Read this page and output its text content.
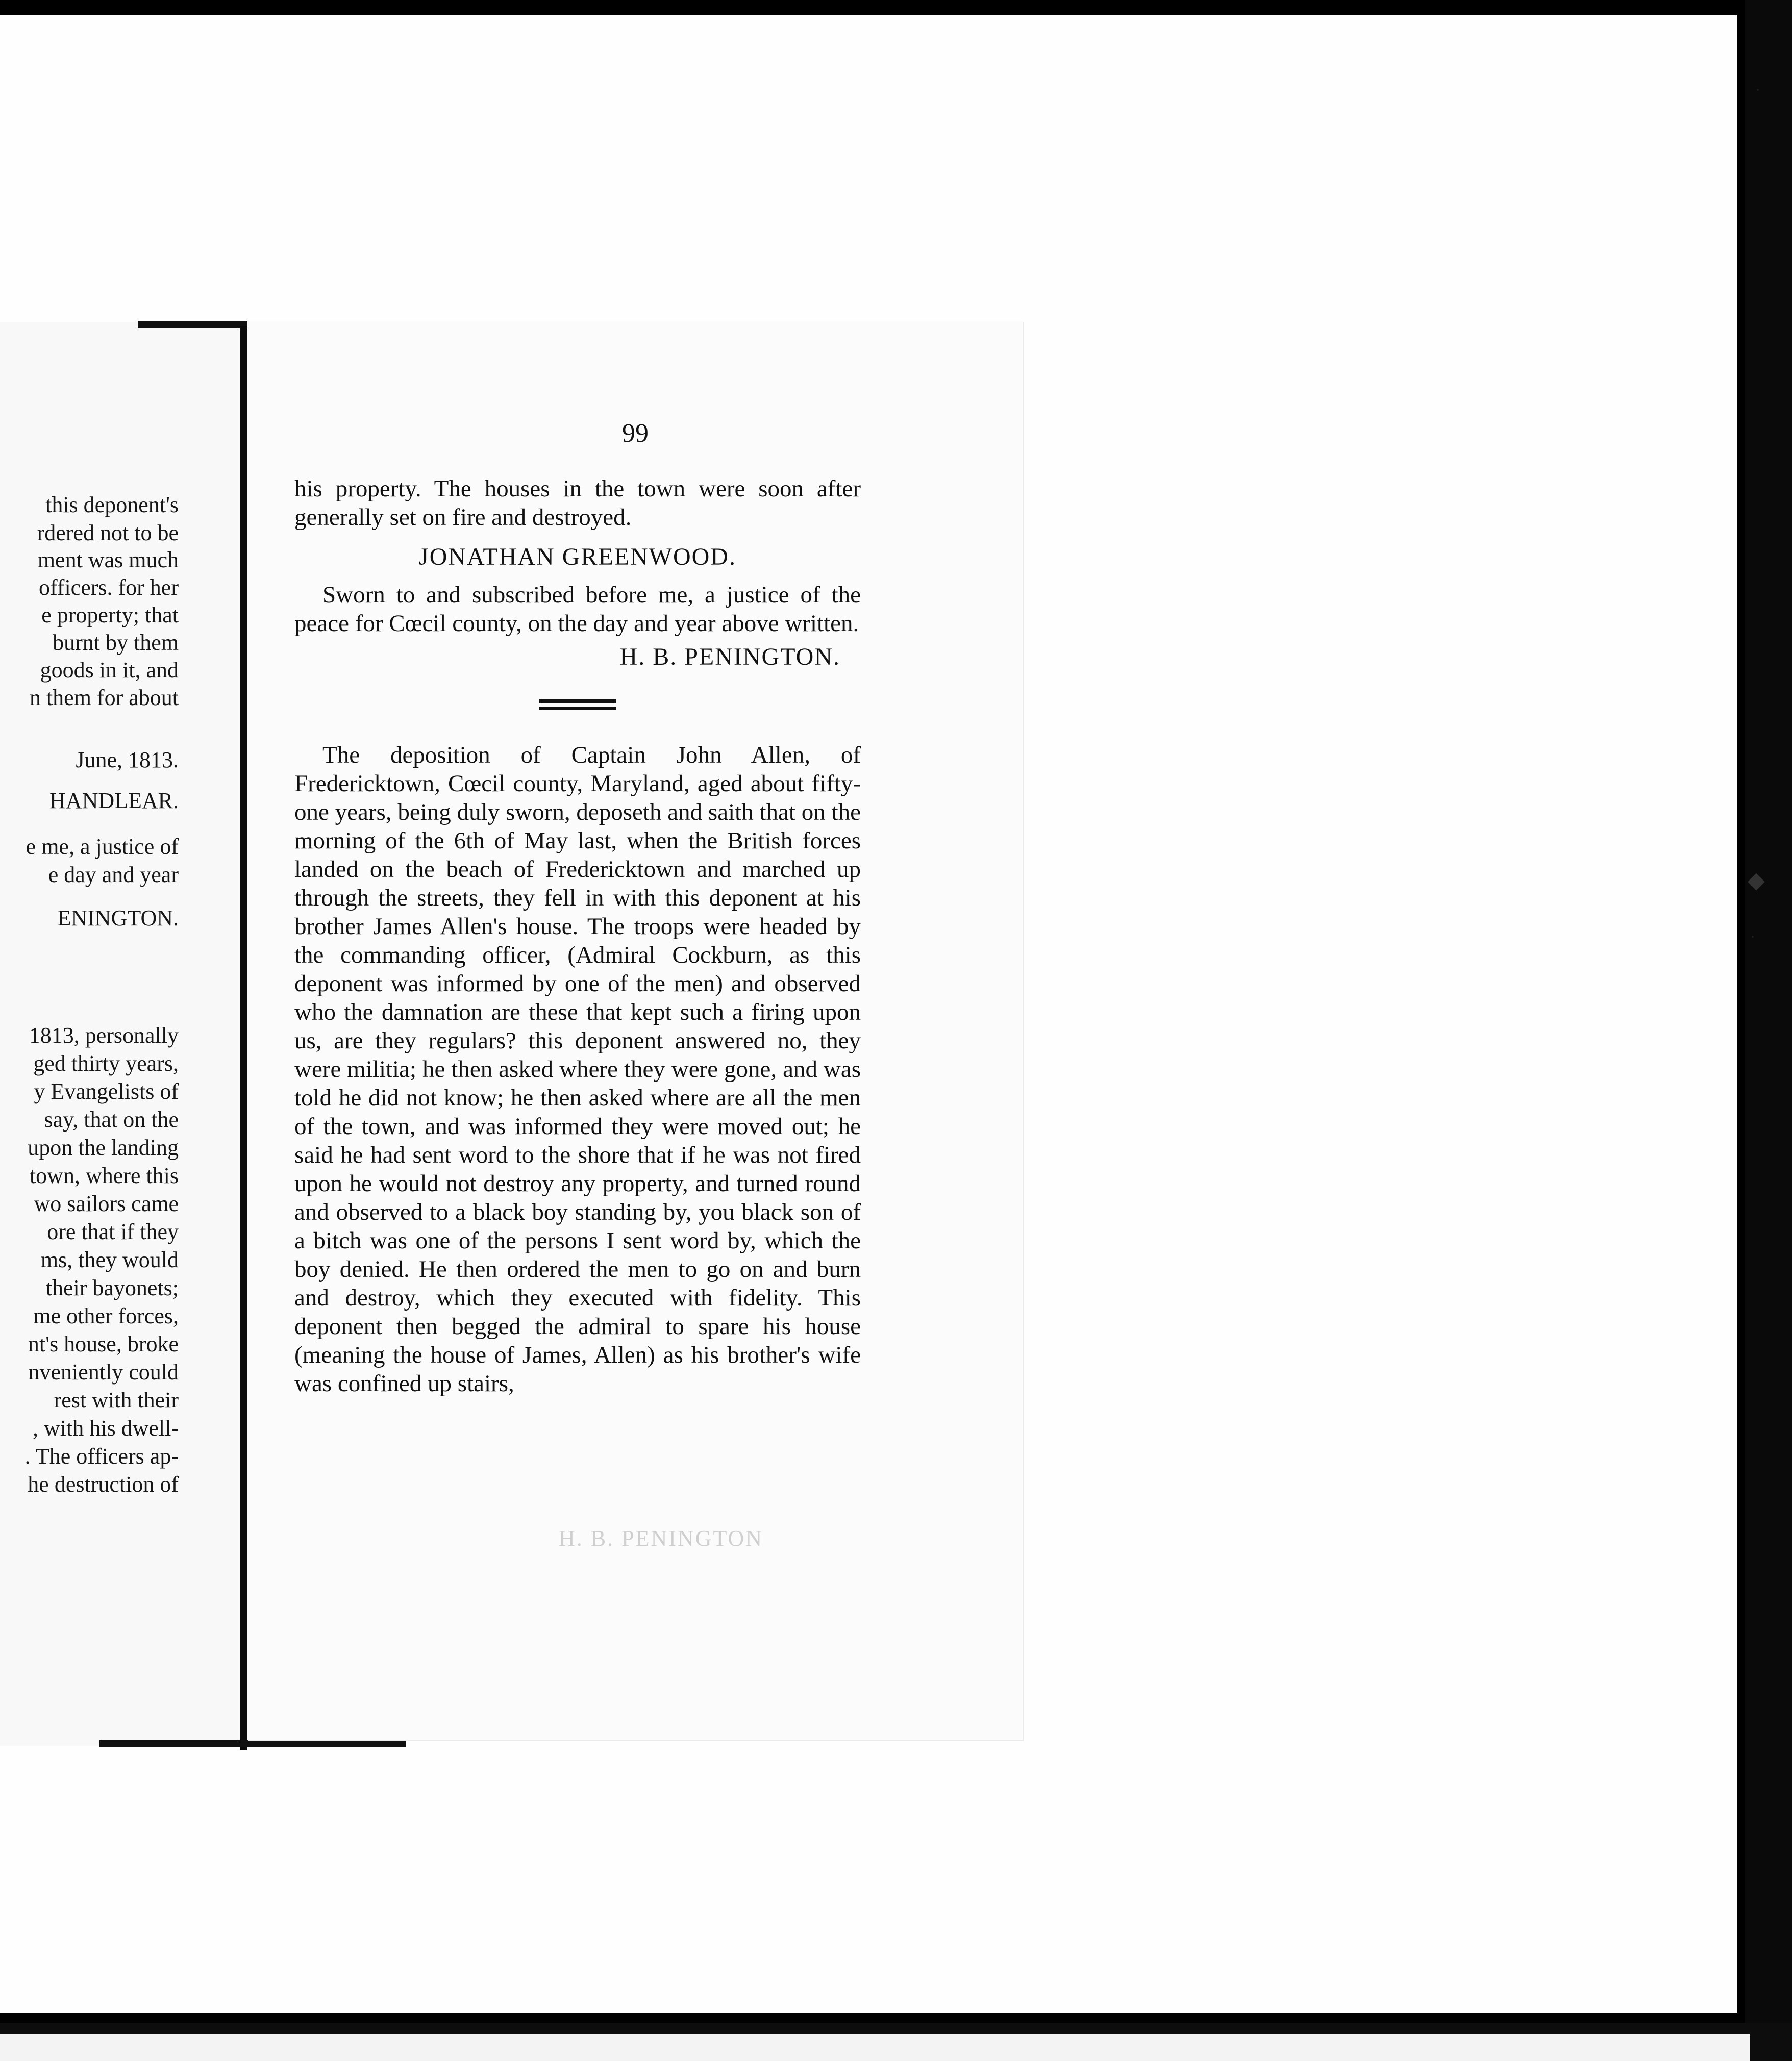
·
◆
·
this deponent's
rdered not to be
ment was much
officers. for her
e property; that
burnt by them
goods in it, and
n them for about
June, 1813.
HANDLEAR.
e me, a justice of
e day and year
ENINGTON.
1813, personally
ged thirty years,
y Evangelists of
say, that on the
upon the landing
town, where this
wo sailors came
ore that if they
ms, they would
their bayonets;
me other forces,
nt's house, broke
nveniently could
rest with their
, with his dwell-
. The officers ap-
he destruction of
99

his property. The houses in the town were soon after generally set on fire and destroyed.

JONATHAN GREENWOOD.

Sworn to and subscribed before me, a justice of the peace for Cœcil county, on the day and year above written.

H. B. PENINGTON.

The deposition of Captain John Allen, of Fredericktown, Cœcil county, Maryland, aged about fifty-one years, being duly sworn, deposeth and saith that on the morning of the 6th of May last, when the British forces landed on the beach of Fredericktown and marched up through the streets, they fell in with this deponent at his brother James Allen's house. The troops were headed by the commanding officer, (Admiral Cockburn, as this deponent was informed by one of the men) and observed who the damnation are these that kept such a firing upon us, are they regulars? this deponent answered no, they were militia; he then asked where they were gone, and was told he did not know; he then asked where are all the men of the town, and was informed they were moved out; he said he had sent word to the shore that if he was not fired upon he would not destroy any property, and turned round and observed to a black boy standing by, you black son of a bitch was one of the persons I sent word by, which the boy denied. He then ordered the men to go on and burn and destroy, which they executed with fidelity. This deponent then begged the admiral to spare his house (meaning the house of James, Allen) as his brother's wife was confined up stairs,

H. B. PENINGTON
